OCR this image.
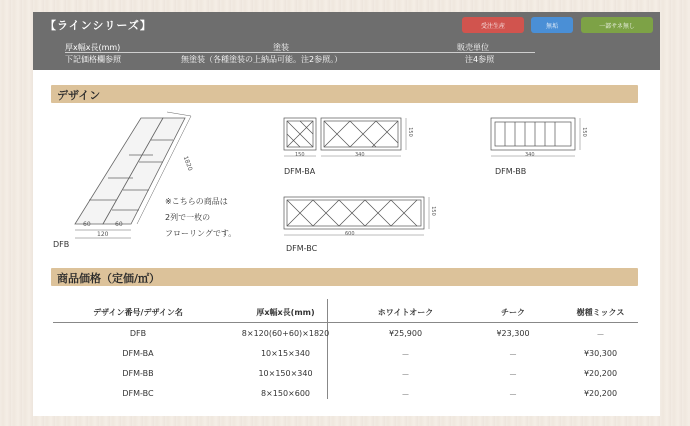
【ラインシリーズ】	受注生産	無垢	一部サネ無し
厚x幅x長(mm)	塗装	販売単位
下記価格欄参照	無塗装（各種塗装の上納品可能。注2参照。）	注4参照
デザイン
1820
60	60
120
DFB
※こちらの商品は
2列で一枚の
フローリングです。
150	340
150
DFM-BA
340
150
DFM-BB
600
150
DFM-BC
商品価格（定価/㎡）
デザイン番号/デザイン名	厚x幅x長(mm)	ホワイトオーク	チーク	樹種ミックス
DFB	8×120(60+60)×1820	¥25,900	¥23,300	－
DFM-BA	10×15×340	－	－	¥30,300
DFM-BB	10×150×340	－	－	¥20,200
DFM-BC	8×150×600	－	－	¥20,200
